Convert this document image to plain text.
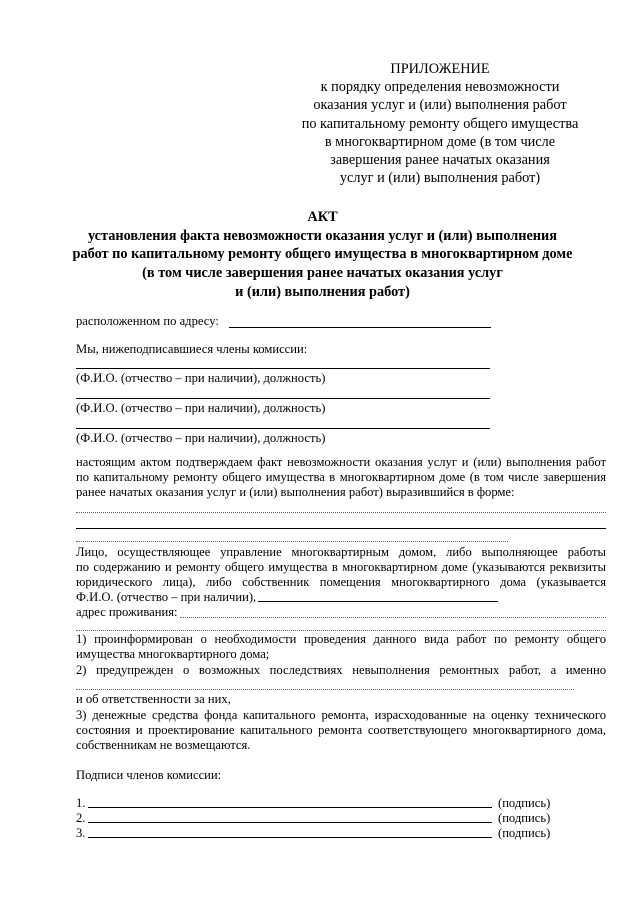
ПРИЛОЖЕНИЕ
к порядку определения невозможности
оказания услуг и (или) выполнения работ
по капитальному ремонту общего имущества
в многоквартирном доме (в том числе
завершения ранее начатых оказания
услуг и (или) выполнения работ)
АКТ
установления факта невозможности оказания услуг и (или) выполнения
работ по капитальному ремонту общего имущества в многоквартирном доме
(в том числе завершения ранее начатых оказания услуг
и (или) выполнения работ)
расположенном по адресу:
Мы, нижеподписавшиеся члены комиссии:
(Ф.И.О. (отчество – при наличии), должность)
(Ф.И.О. (отчество – при наличии), должность)
(Ф.И.О. (отчество – при наличии), должность)
настоящим актом подтверждаем факт невозможности оказания услуг и (или) выполнения работ
по капитальному ремонту общего имущества в многоквартирном доме (в том числе завершения
ранее начатых оказания услуг и (или) выполнения работ) выразившийся в форме:
Лицо, осуществляющее управление многоквартирным домом, либо выполняющее работы
по содержанию и ремонту общего имущества в многоквартирном доме (указываются реквизиты
юридического лица), либо собственник помещения многоквартирного дома (указывается
Ф.И.О. (отчество – при наличии),
адрес проживания:
1) проинформирован о необходимости проведения данного вида работ по ремонту общего
имущества многоквартирного дома;
2) предупрежден о возможных последствиях невыполнения ремонтных работ, а именно
и об ответственности за них,
3) денежные средства фонда капитального ремонта, израсходованные на оценку технического
состояния и проектирование капитального ремонта соответствующего многоквартирного дома,
собственникам не возмещаются.
Подписи членов комиссии:
1.	(подпись)
2.	(подпись)
3.	(подпись)
